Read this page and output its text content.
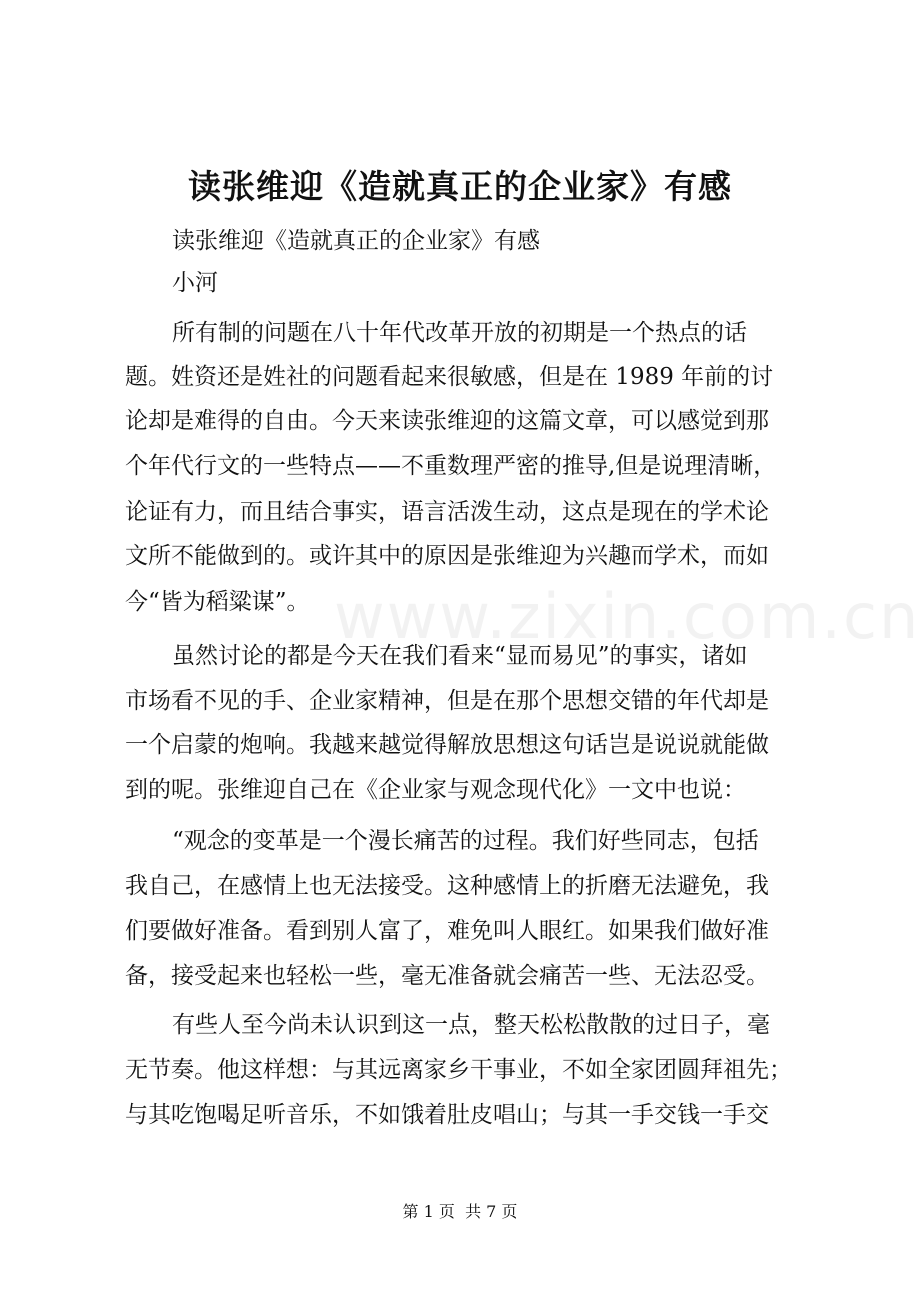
www.zixin.com.cn
读张维迎《造就真正的企业家》有感
读张维迎《造就真正的企业家》有感
小河
所有制的问题在八十年代改革开放的初期是一个热点的话
题。姓资还是姓社的问题看起来很敏感，但是在 1989 年前的讨
论却是难得的自由。今天来读张维迎的这篇文章，可以感觉到那
个年代行文的一些特点——不重数理严密的推导,但是说理清晰，
论证有力，而且结合事实，语言活泼生动，这点是现在的学术论
文所不能做到的。或许其中的原因是张维迎为兴趣而学术，而如
今“皆为稻粱谋”。
虽然讨论的都是今天在我们看来“显而易见”的事实，诸如
市场看不见的手、企业家精神，但是在那个思想交错的年代却是
一个启蒙的炮响。我越来越觉得解放思想这句话岂是说说就能做
到的呢。张维迎自己在《企业家与观念现代化》一文中也说：
“观念的变革是一个漫长痛苦的过程。我们好些同志，包括
我自己，在感情上也无法接受。这种感情上的折磨无法避免，我
们要做好准备。看到别人富了，难免叫人眼红。如果我们做好准
备，接受起来也轻松一些，毫无准备就会痛苦一些、无法忍受。
有些人至今尚未认识到这一点，整天松松散散的过日子，毫
无节奏。他这样想：与其远离家乡干事业，不如全家团圆拜祖先；
与其吃饱喝足听音乐，不如饿着肚皮唱山；与其一手交钱一手交
第 1 页  共 7 页
